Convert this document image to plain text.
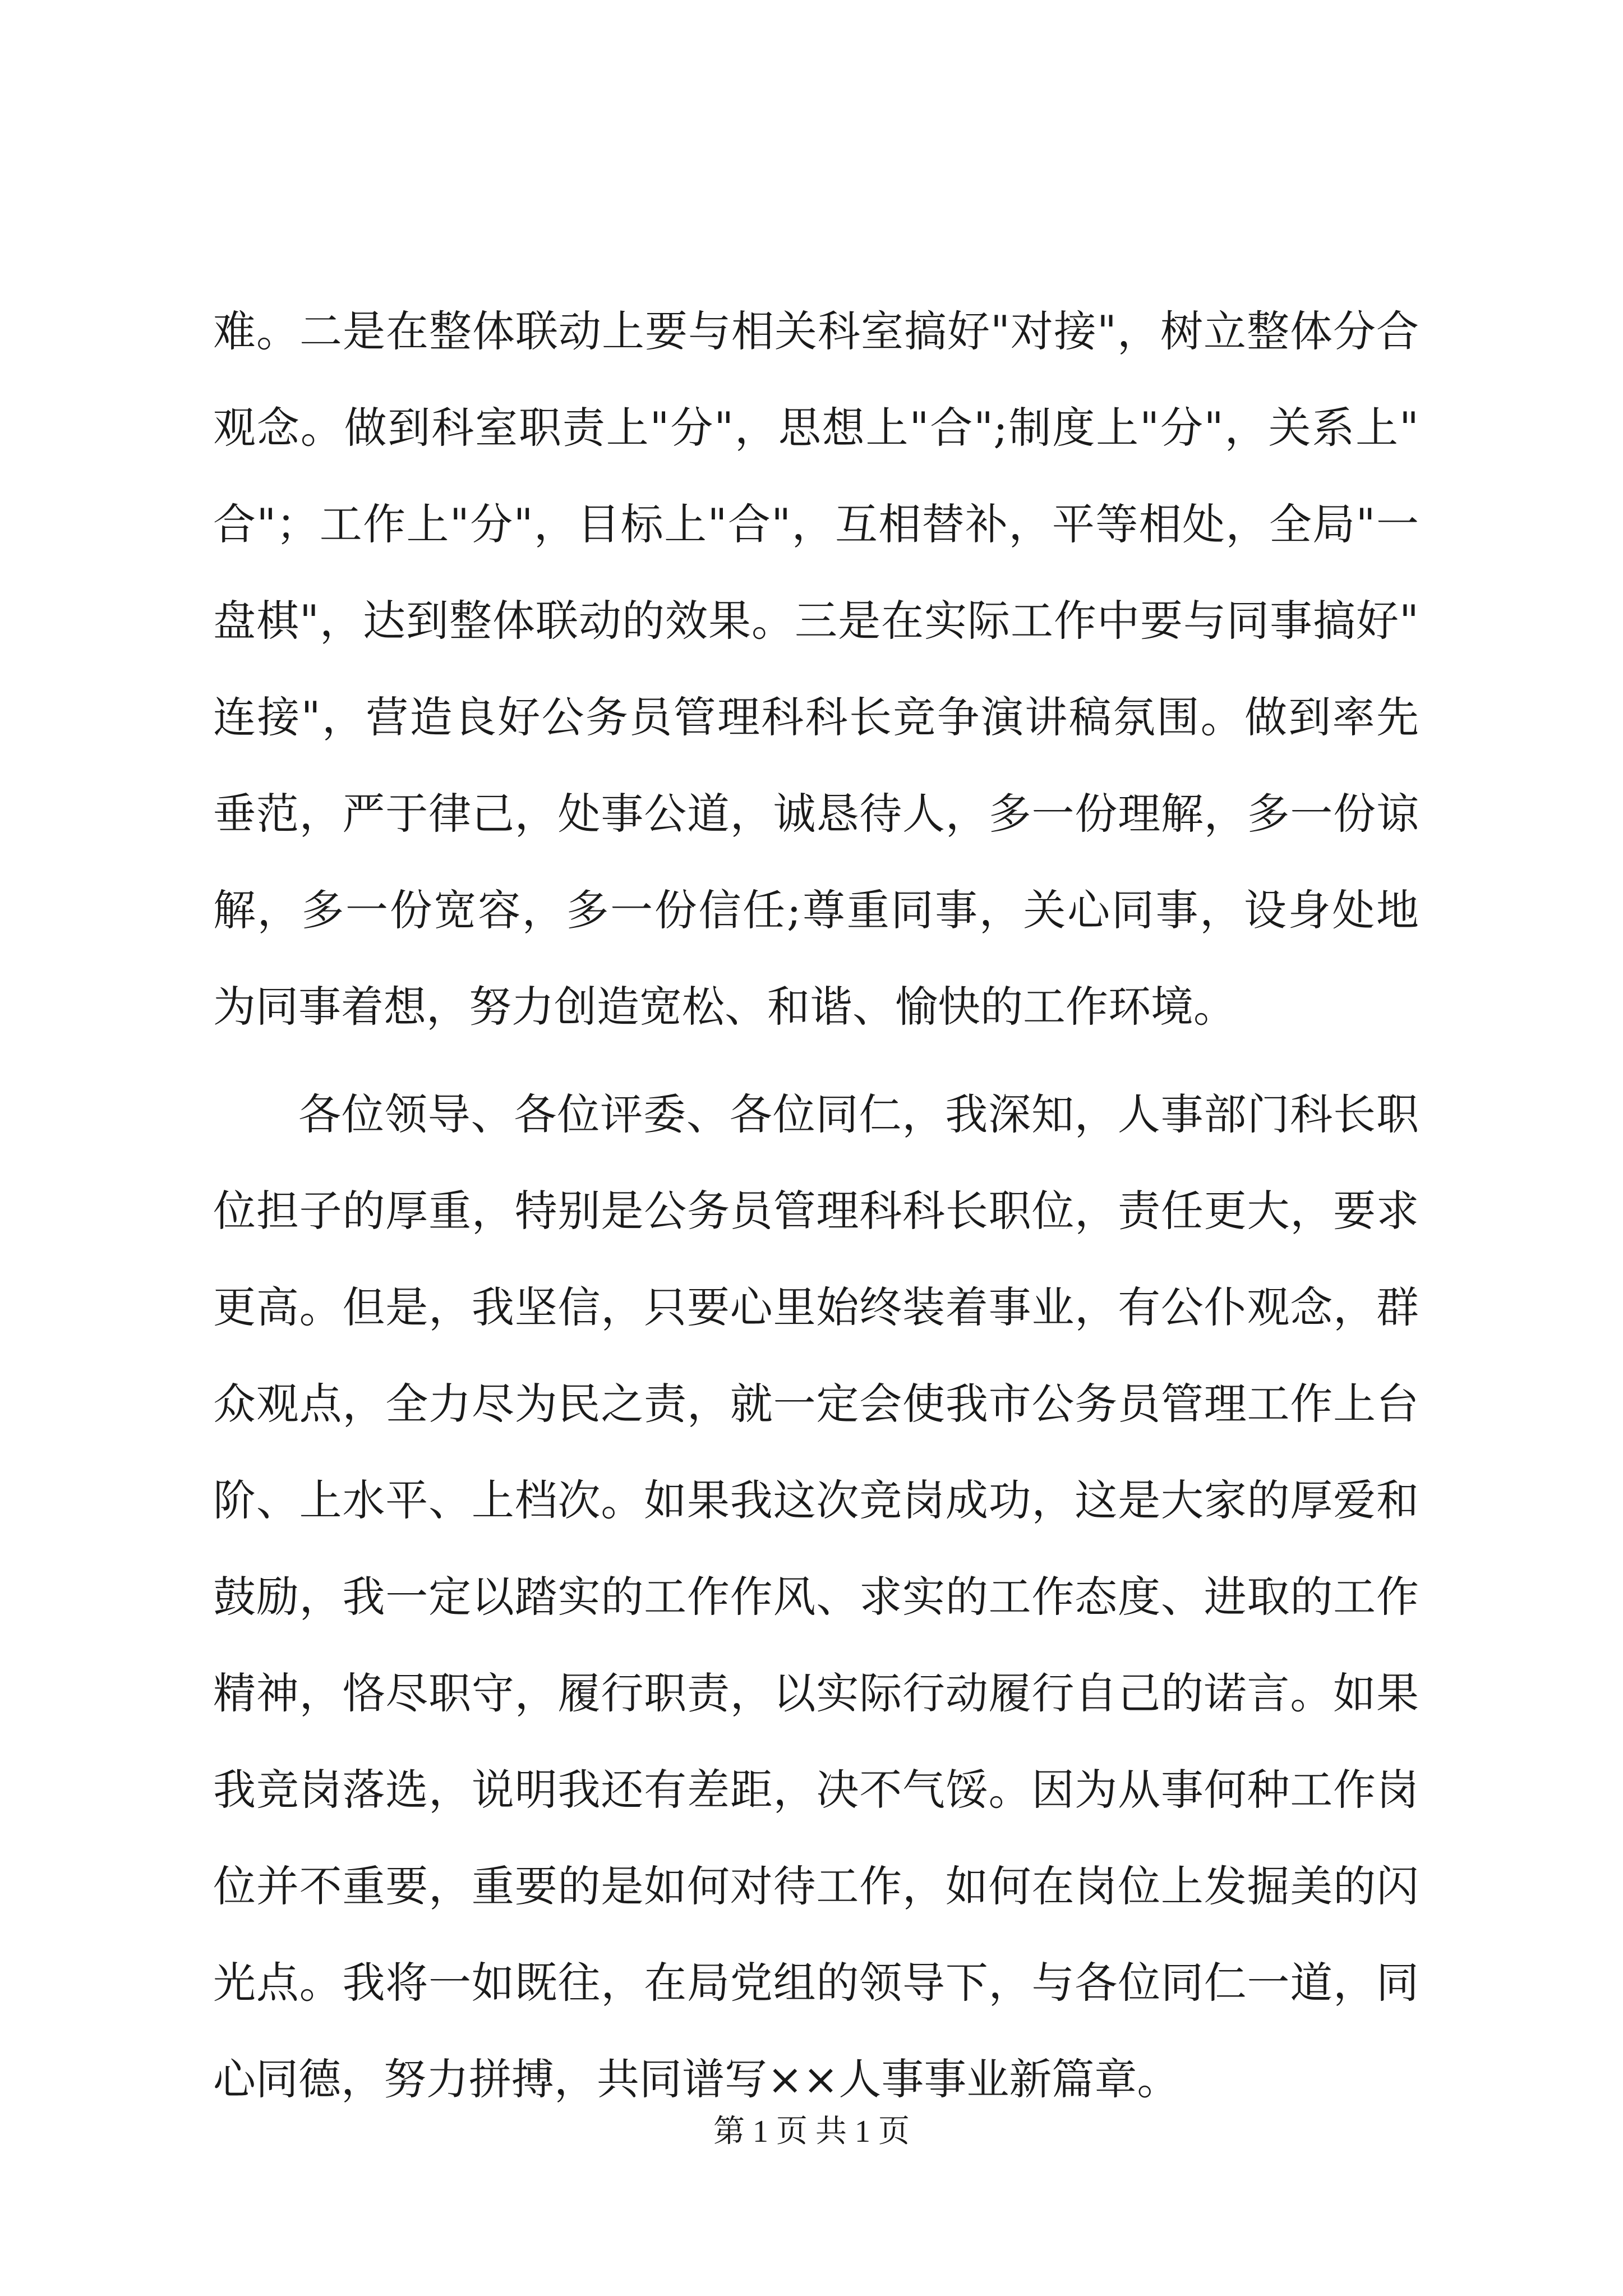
难。二是在整体联动上要与相关科室搞好"对接"，树立整体分合
观念。做到科室职责上"分"，思想上"合";制度上"分"，关系上"
合"；工作上"分"，目标上"合"，互相替补，平等相处，全局"一
盘棋"，达到整体联动的效果。三是在实际工作中要与同事搞好"
连接"，营造良好公务员管理科科长竞争演讲稿氛围。做到率先
垂范，严于律己，处事公道，诚恳待人，多一份理解，多一份谅
解，多一份宽容，多一份信任;尊重同事，关心同事，设身处地
为同事着想，努力创造宽松、和谐、愉快的工作环境。
各位领导、各位评委、各位同仁，我深知，人事部门科长职
位担子的厚重，特别是公务员管理科科长职位，责任更大，要求
更高。但是，我坚信，只要心里始终装着事业，有公仆观念，群
众观点，全力尽为民之责，就一定会使我市公务员管理工作上台
阶、上水平、上档次。如果我这次竞岗成功，这是大家的厚爱和
鼓励，我一定以踏实的工作作风、求实的工作态度、进取的工作
精神，恪尽职守，履行职责，以实际行动履行自己的诺言。如果
我竞岗落选，说明我还有差距，决不气馁。因为从事何种工作岗
位并不重要，重要的是如何对待工作，如何在岗位上发掘美的闪
光点。我将一如既往，在局党组的领导下，与各位同仁一道，同
心同德，努力拼搏，共同谱写××人事事业新篇章。
第 1 页 共 1 页
